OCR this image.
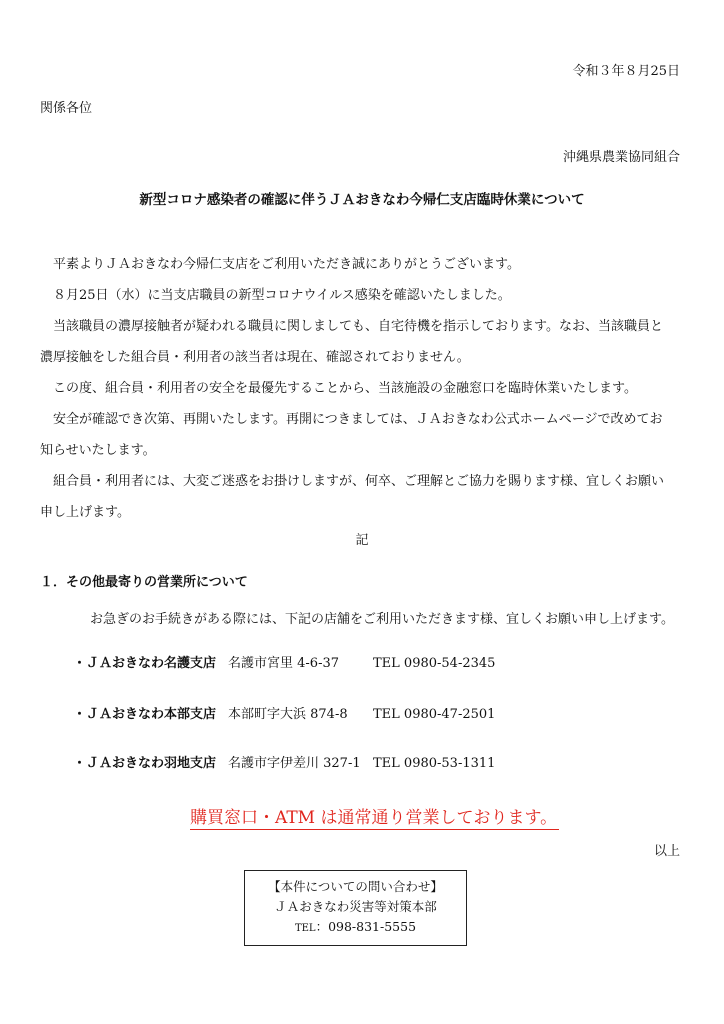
令和３年８月25日
関係各位
沖縄県農業協同組合
新型コロナ感染者の確認に伴うＪＡおきなわ今帰仁支店臨時休業について
　平素よりＪＡおきなわ今帰仁支店をご利用いただき誠にありがとうございます。
　８月25日（水）に当支店職員の新型コロナウイルス感染を確認いたしました。
　当該職員の濃厚接触者が疑われる職員に関しましても、自宅待機を指示しております。なお、当該職員と
濃厚接触をした組合員・利用者の該当者は現在、確認されておりません。
　この度、組合員・利用者の安全を最優先することから、当該施設の金融窓口を臨時休業いたします。
　安全が確認でき次第、再開いたします。再開につきましては、ＪＡおきなわ公式ホームページで改めてお
知らせいたします。
　組合員・利用者には、大変ご迷惑をお掛けしますが、何卒、ご理解とご協力を賜ります様、宜しくお願い
申し上げます。
記
１．その他最寄りの営業所について
お急ぎのお手続きがある際には、下記の店舗をご利用いただきます様、宜しくお願い申し上げます。
・ＪＡおきなわ名護支店 名護市宮里 4-6-37	TEL 0980-54-2345
・ＪＡおきなわ本部支店 本部町字大浜 874-8 TEL 0980-47-2501
・ＪＡおきなわ羽地支店 名護市字伊差川 327-1 TEL 0980-53-1311
購買窓口・ATM は通常通り営業しております。
以上
【本件についての問い合わせ】
ＪＡおきなわ災害等対策本部
TEL：098-831-5555
